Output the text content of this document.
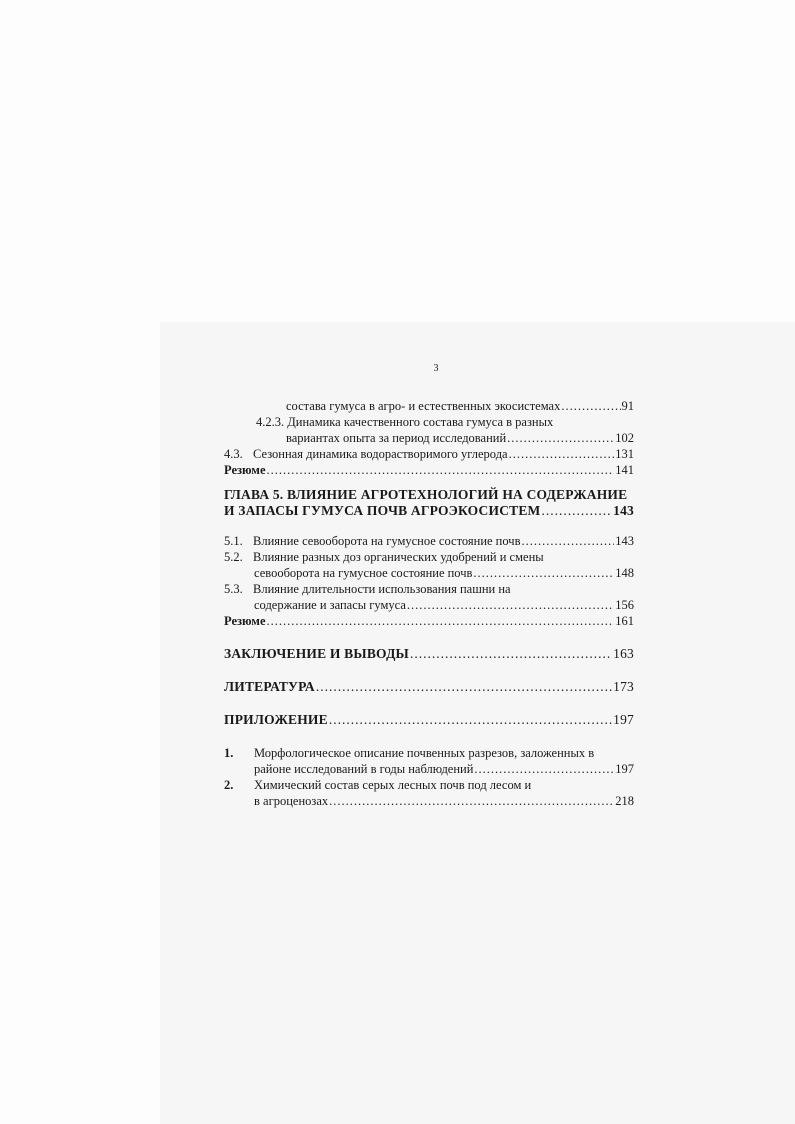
3
состава гумуса в агро- и естественных экосистемах .....	91
4.2.3. Динамика качественного состава гумуса в разных
вариантах опыта за период исследований .....	102
4.3. Сезонная динамика водорастворимого углерода .....	131
Резюме .....	141
ГЛАВА 5. ВЛИЯНИЕ АГРОТЕХНОЛОГИЙ НА СОДЕРЖАНИЕ
И ЗАПАСЫ ГУМУСА ПОЧВ АГРОЭКОСИСТЕМ .....	143
5.1. Влияние севооборота на гумусное состояние почв .....	143
5.2. Влияние разных доз органических удобрений и смены
севооборота на гумусное состояние почв .....	148
5.3. Влияние длительности использования пашни на
содержание и запасы гумуса .....	156
Резюме .....	161
ЗАКЛЮЧЕНИЕ И ВЫВОДЫ .....	163
ЛИТЕРАТУРА .....	173
ПРИЛОЖЕНИЕ .....	197
1. Морфологическое описание почвенных разрезов, заложенных в
районе исследований в годы наблюдений .....	197
2. Химический состав серых лесных почв под лесом и
в агроценозах .....	218
